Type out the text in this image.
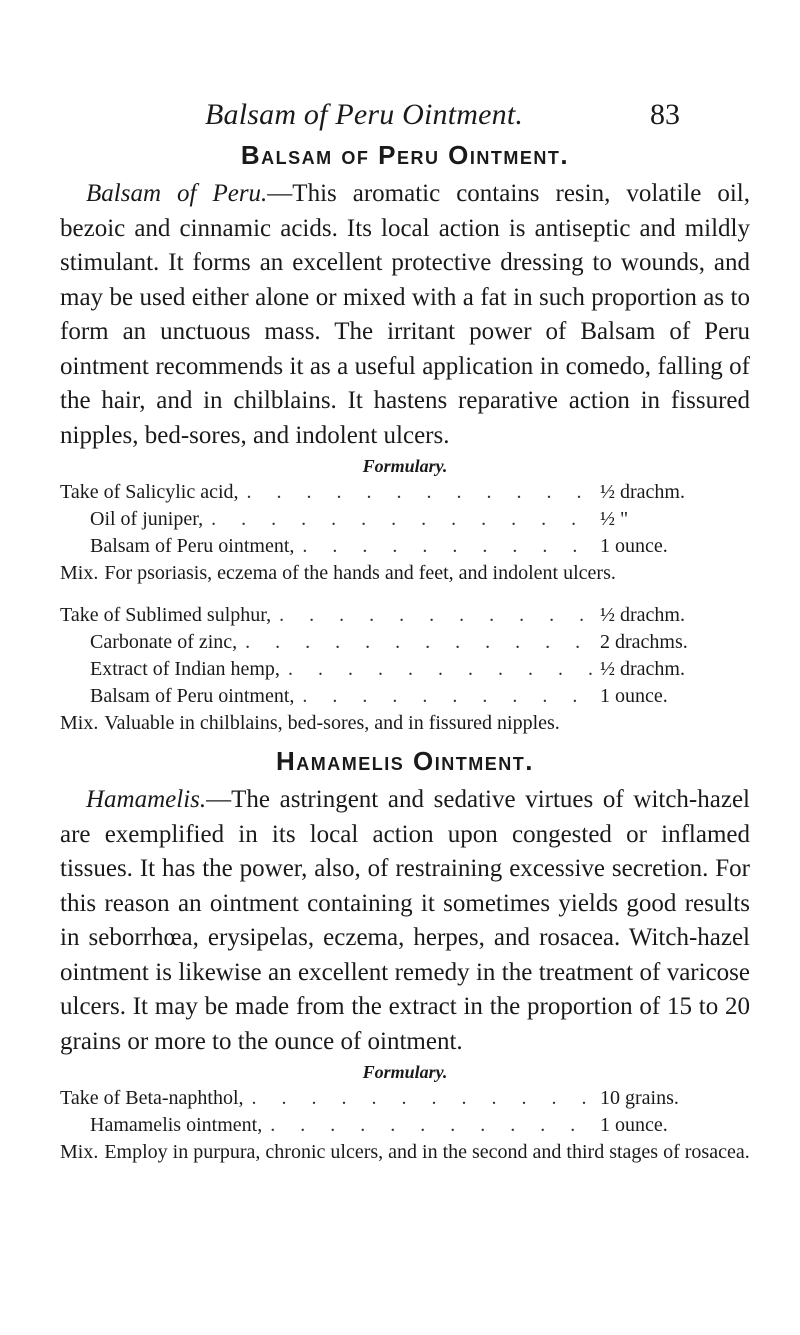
Balsam of Peru Ointment.	83
Balsam of Peru Ointment.

Balsam of Peru.—This aromatic contains resin, volatile oil, bezoic and cinnamic acids. Its local action is antiseptic and mildly stimulant. It forms an excellent protective dressing to wounds, and may be used either alone or mixed with a fat in such proportion as to form an unctuous mass. The irritant power of Balsam of Peru ointment recommends it as a useful application in comedo, falling of the hair, and in chilblains. It hastens reparative action in fissured nipples, bed-sores, and indolent ulcers.

Formulary.
Take of Salicylic acid, . . .	½ drachm.
Oil of juniper, . . .	½ "
Balsam of Peru ointment, . . .	1 ounce.

Mix. For psoriasis, eczema of the hands and feet, and indolent ulcers.

Take of Sublimed sulphur, . . .	½ drachm.
Carbonate of zinc, . . .	2 drachms.
Extract of Indian hemp, . . .	½ drachm.
Balsam of Peru ointment, . . .	1 ounce.

Mix. Valuable in chilblains, bed-sores, and in fissured nipples.

Hamamelis Ointment.

Hamamelis.—The astringent and sedative virtues of witch-hazel are exemplified in its local action upon congested or inflamed tissues. It has the power, also, of restraining excessive secretion. For this reason an ointment containing it sometimes yields good results in seborrhœa, erysipelas, eczema, herpes, and rosacea. Witch-hazel ointment is likewise an excellent remedy in the treatment of varicose ulcers. It may be made from the extract in the proportion of 15 to 20 grains or more to the ounce of ointment.

Formulary.
Take of Beta-naphthol, . . .	10 grains.
Hamamelis ointment, . . .	1 ounce.

Mix. Employ in purpura, chronic ulcers, and in the second and third stages of rosacea.
